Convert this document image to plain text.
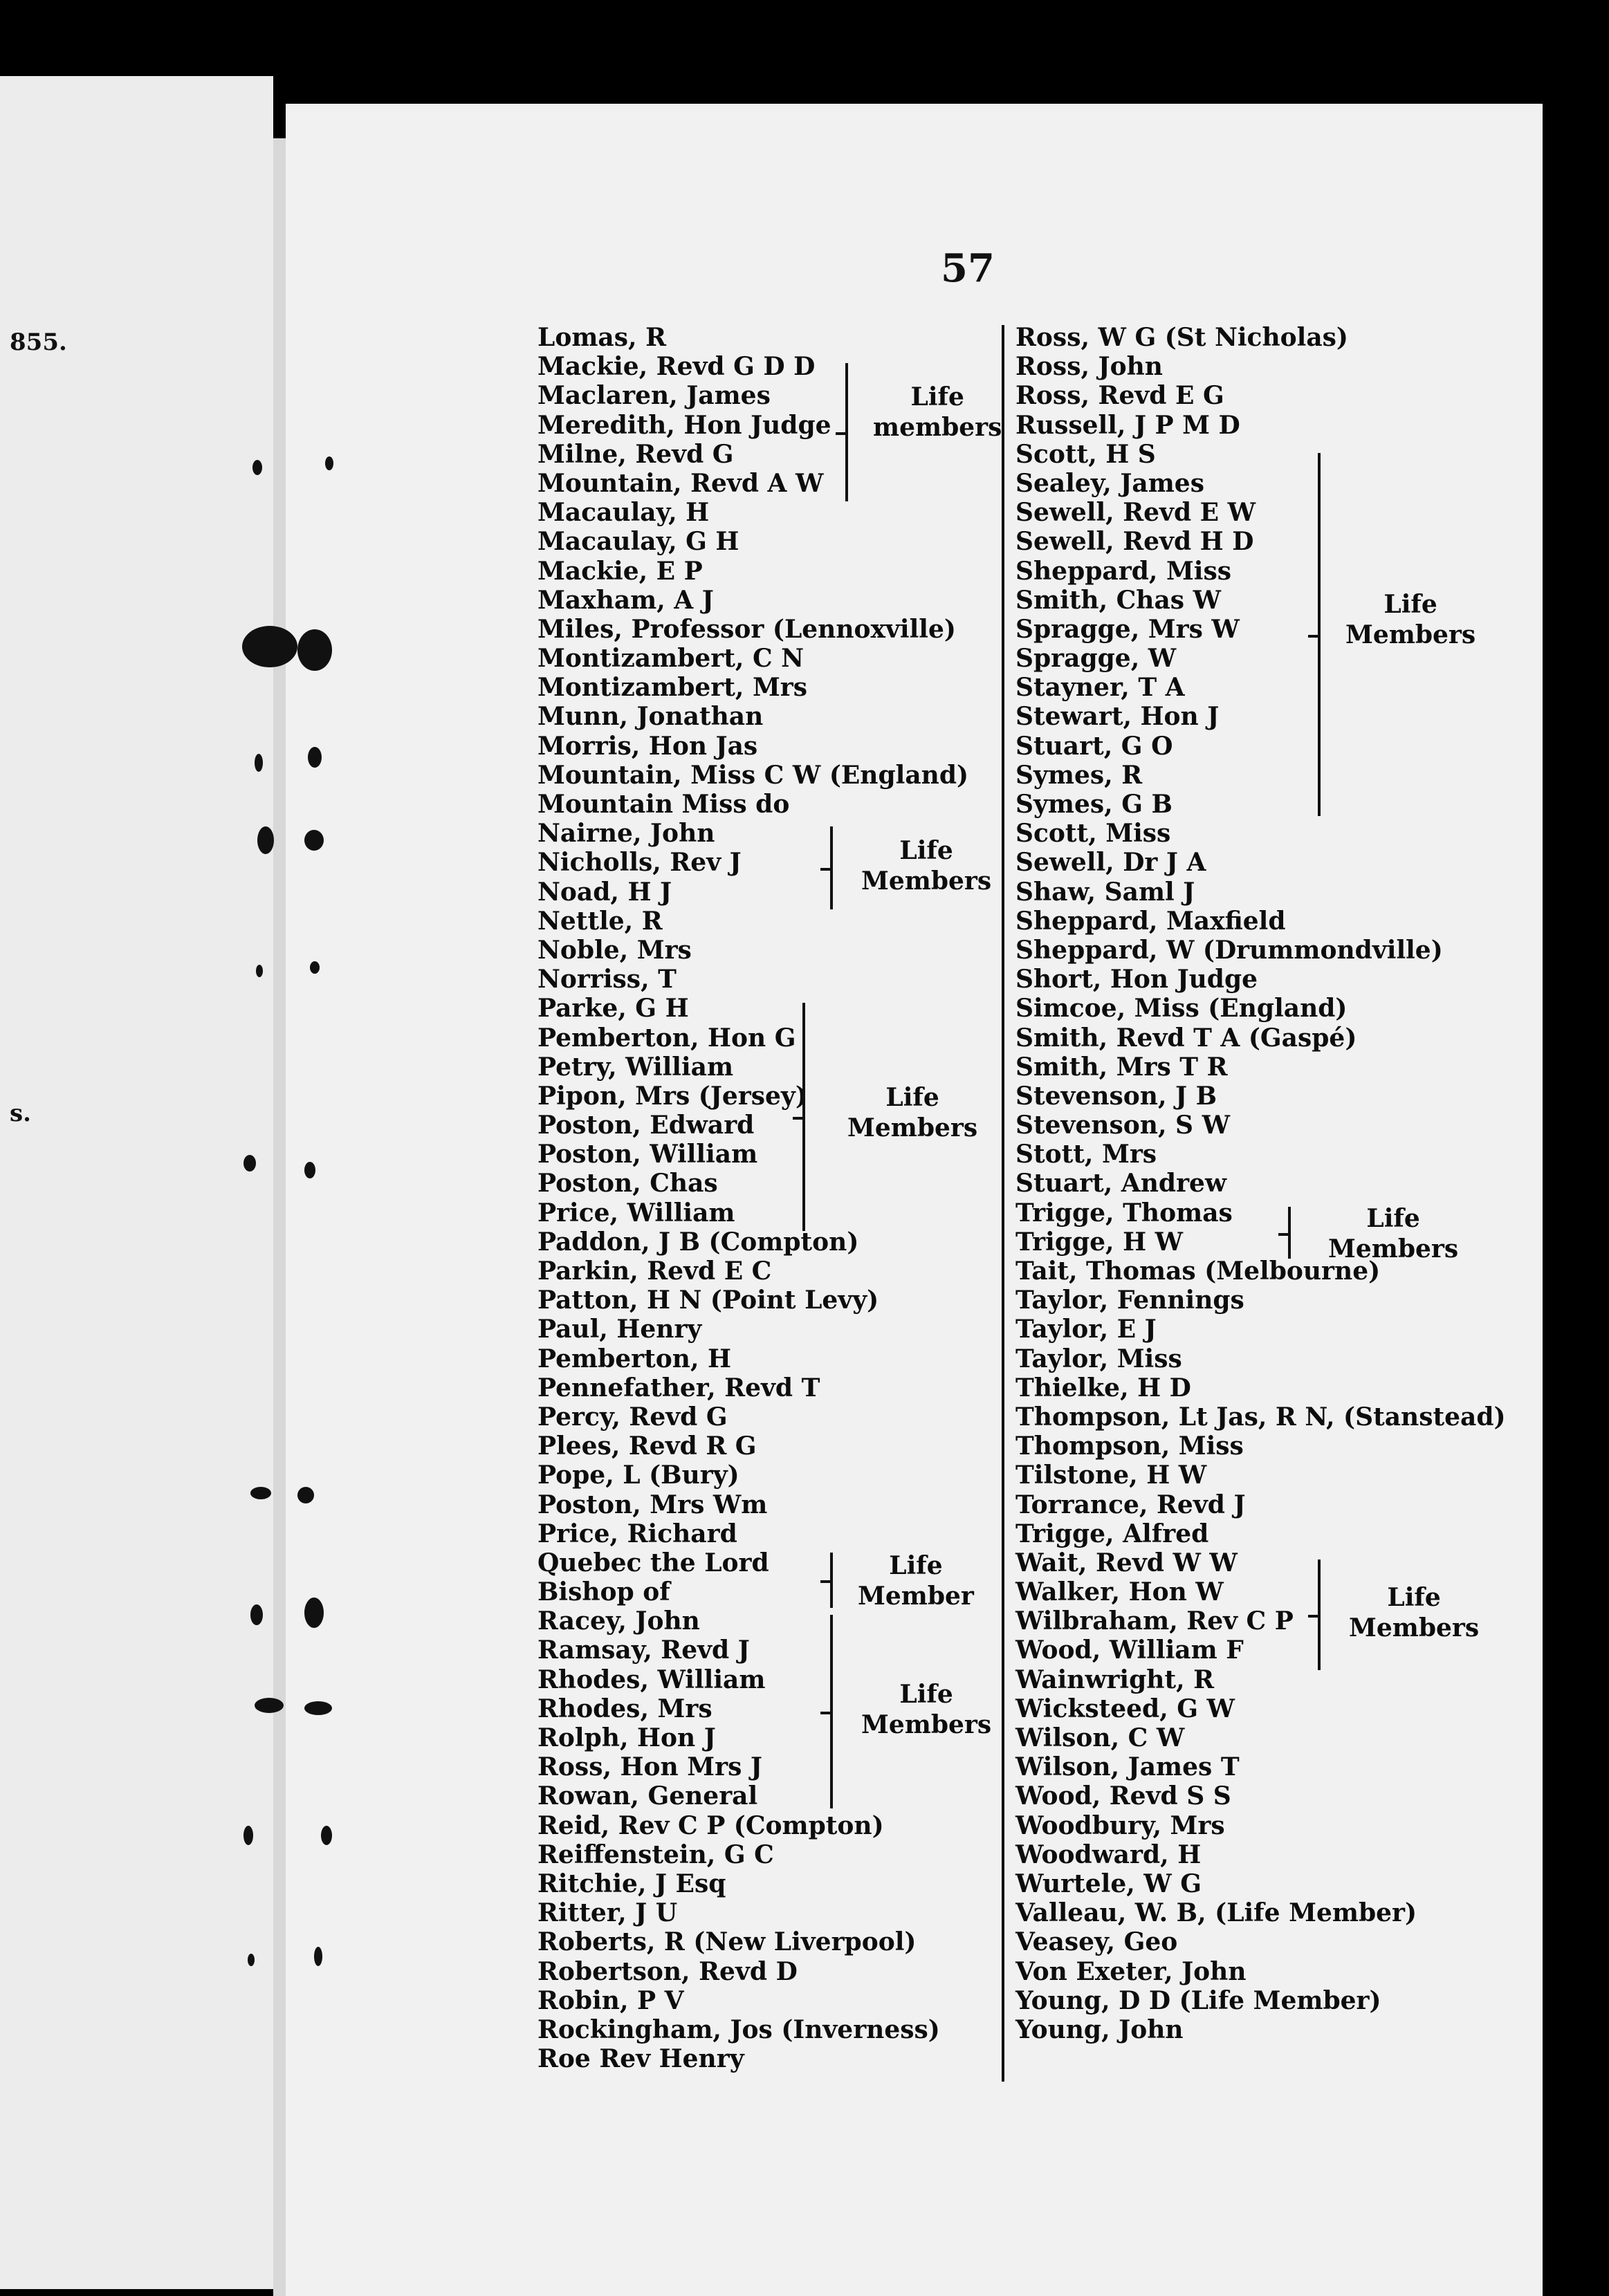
855.
s.
57
Lomas, R
Mackie, Revd G D D
Maclaren, James
Meredith, Hon Judge
Milne, Revd G
Mountain, Revd A W
Macaulay, H
Macaulay, G H
Mackie, E P
Maxham, A J
Miles, Professor (Lennoxville)
Montizambert, C N
Montizambert, Mrs
Munn, Jonathan
Morris, Hon Jas
Mountain, Miss C W (England)
Mountain Miss do
Nairne, John
Nicholls, Rev J
Noad, H J
Nettle, R
Noble, Mrs
Norriss, T
Parke, G H
Pemberton, Hon G
Petry, William
Pipon, Mrs (Jersey)
Poston, Edward
Poston, William
Poston, Chas
Price, William
Paddon, J B (Compton)
Parkin, Revd E C
Patton, H N (Point Levy)
Paul, Henry
Pemberton, H
Pennefather, Revd T
Percy, Revd G
Plees, Revd R G
Pope, L (Bury)
Poston, Mrs Wm
Price, Richard
Quebec the Lord
Bishop of
Racey, John
Ramsay, Revd J
Rhodes, William
Rhodes, Mrs
Rolph, Hon J
Ross, Hon Mrs J
Rowan, General
Reid, Rev C P (Compton)
Reiffenstein, G C
Ritchie, J Esq
Ritter, J U
Roberts, R (New Liverpool)
Robertson, Revd D
Robin, P V
Rockingham, Jos (Inverness)
Roe Rev Henry
Ross, W G (St Nicholas)
Ross, John
Ross, Revd E G
Russell, J P M D
Scott, H S
Sealey, James
Sewell, Revd E W
Sewell, Revd H D
Sheppard, Miss
Smith, Chas W
Spragge, Mrs W
Spragge, W
Stayner, T A
Stewart, Hon J
Stuart, G O
Symes, R
Symes, G B
Scott, Miss
Sewell, Dr J A
Shaw, Saml J
Sheppard, Maxfield
Sheppard, W (Drummondville)
Short, Hon Judge
Simcoe, Miss (England)
Smith, Revd T A (Gaspé)
Smith, Mrs T R
Stevenson, J B
Stevenson, S W
Stott, Mrs
Stuart, Andrew
Trigge, Thomas
Trigge, H W
Tait, Thomas (Melbourne)
Taylor, Fennings
Taylor, E J
Taylor, Miss
Thielke, H D
Thompson, Lt Jas, R N, (Stanstead)
Thompson, Miss
Tilstone, H W
Torrance, Revd J
Trigge, Alfred
Wait, Revd W W
Walker, Hon W
Wilbraham, Rev C P
Wood, William F
Wainwright, R
Wicksteed, G W
Wilson, C W
Wilson, James T
Wood, Revd S S
Woodbury, Mrs
Woodward, H
Wurtele, W G
Valleau, W. B, (Life Member)
Veasey, Geo
Von Exeter, John
Young, D D (Life Member)
Young, John
Life
members
Life
Members
Life
Members
Life
Member
Life
Members
Life
Members
Life
Members
Life
Members
